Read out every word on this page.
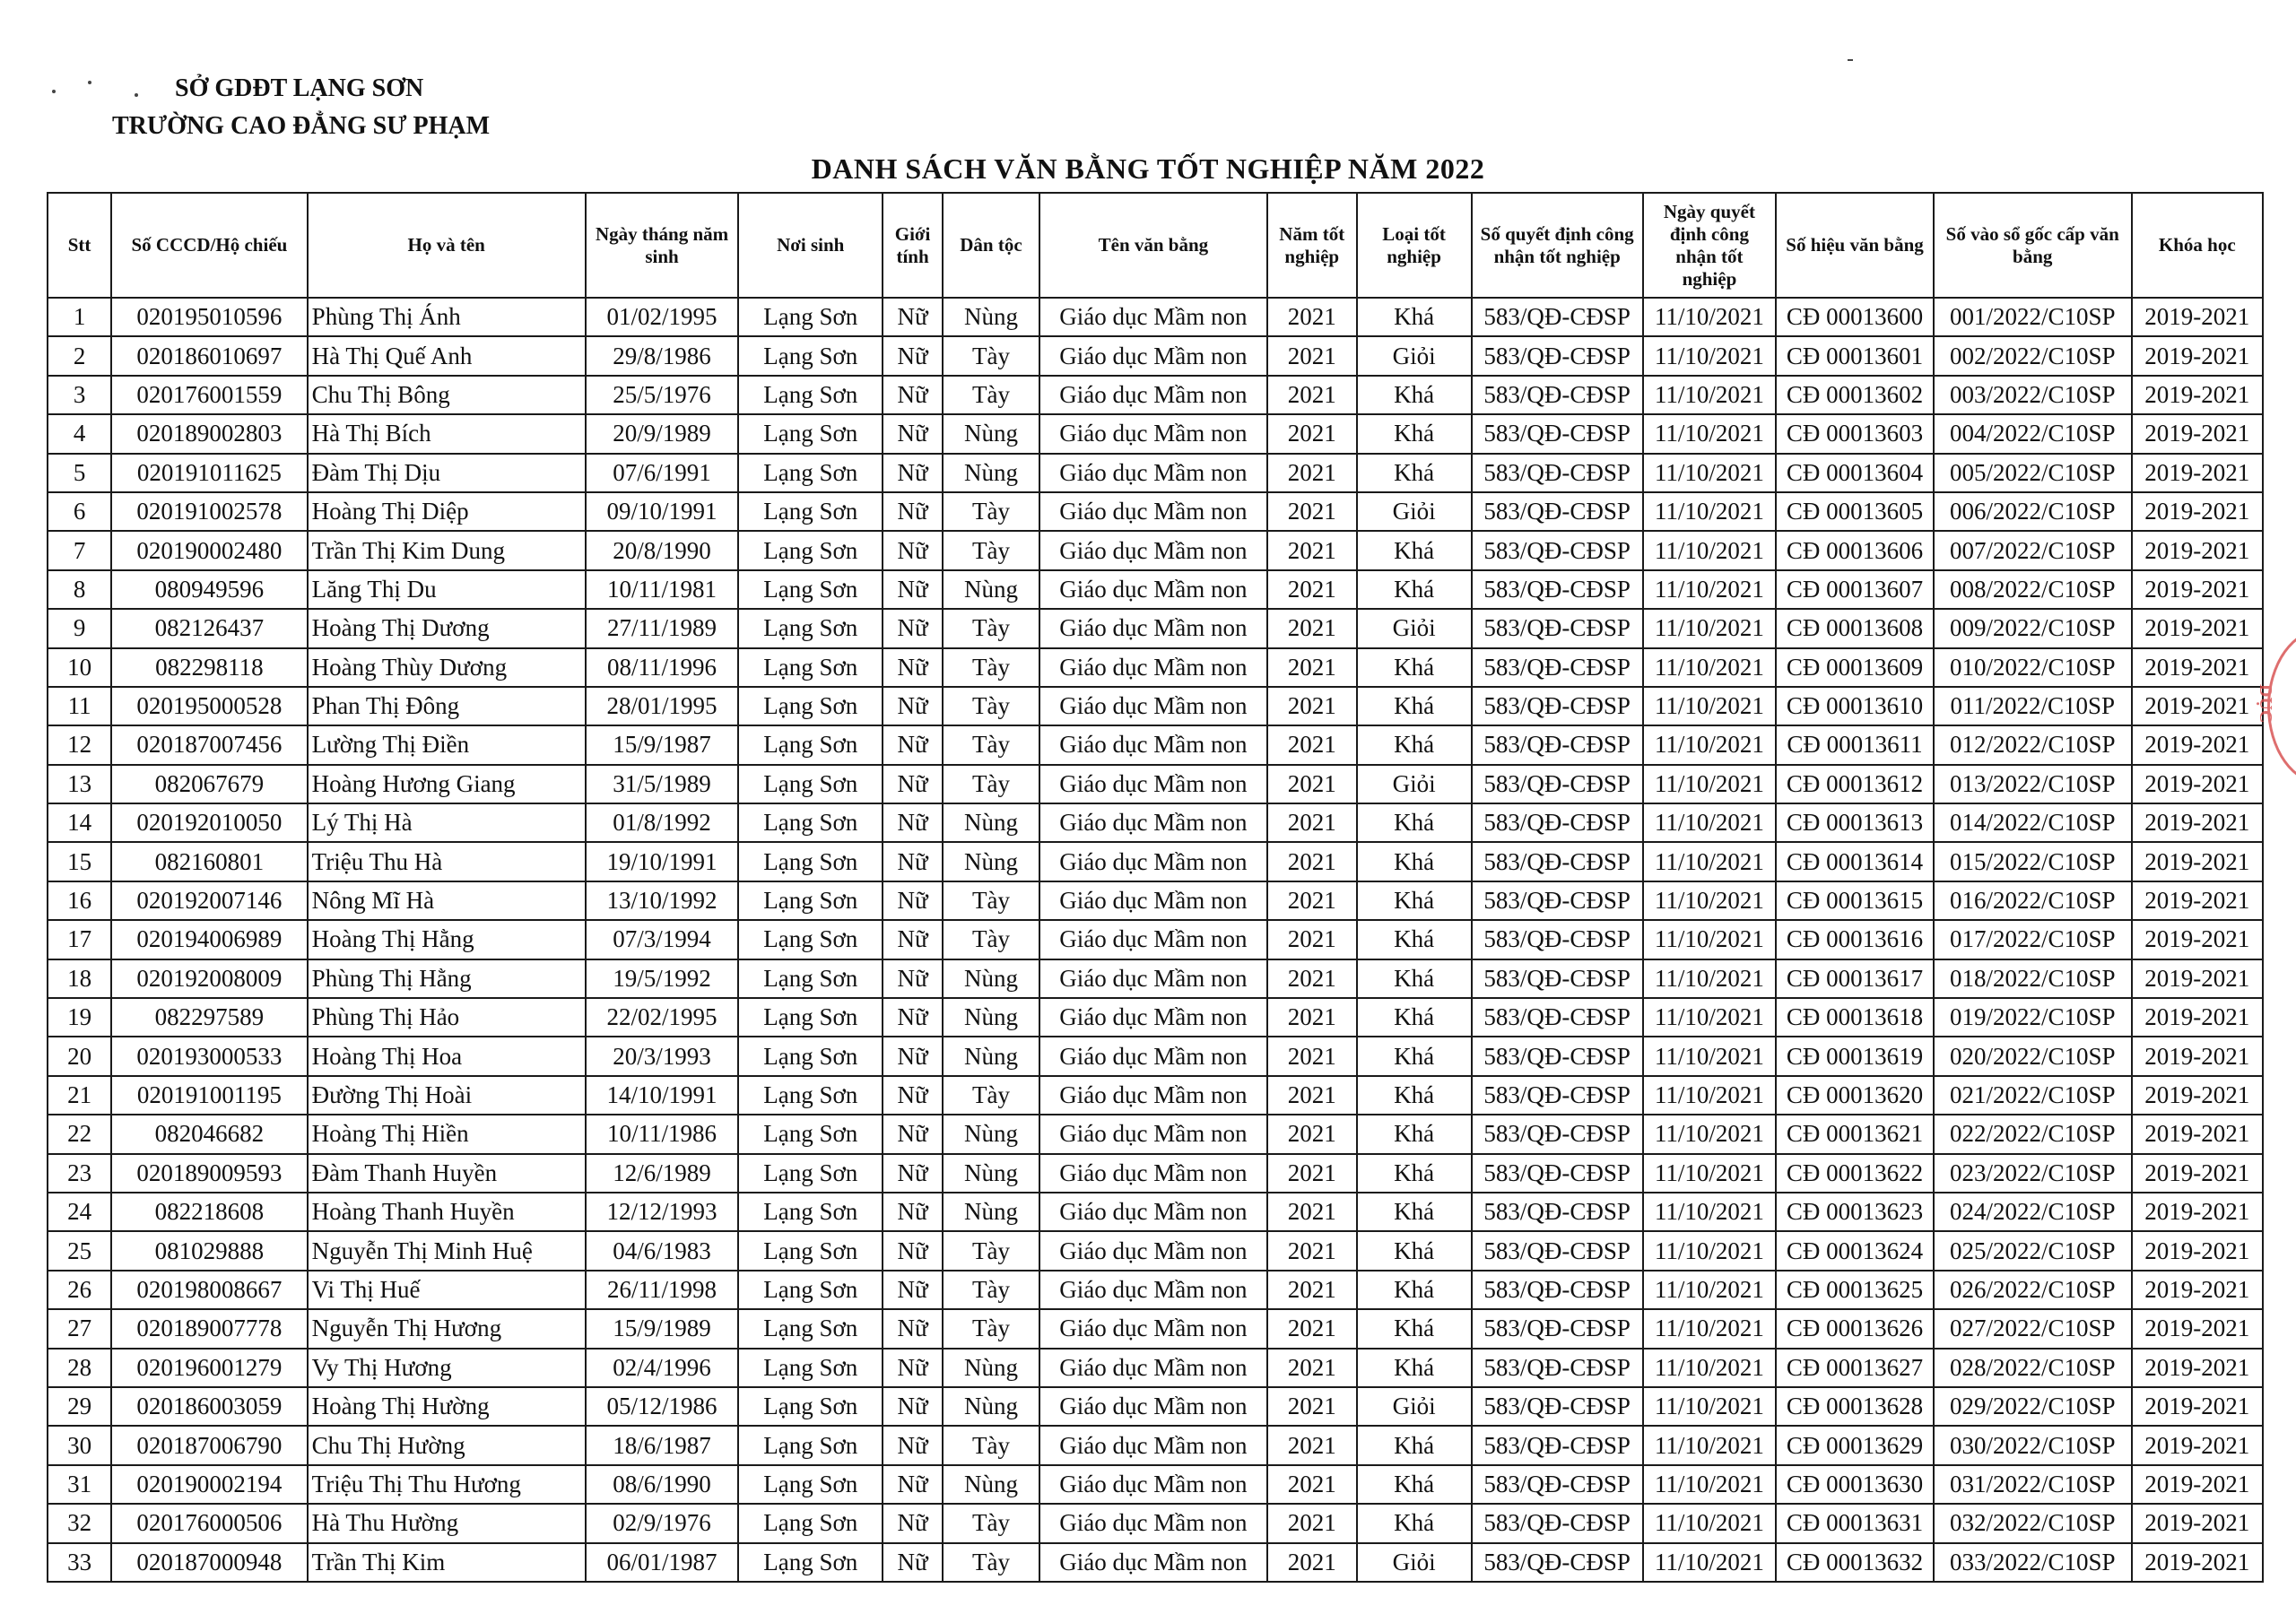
SỞ GDĐT LẠNG SƠN
TRƯỜNG CAO ĐẲNG SƯ PHẠM
DANH SÁCH VĂN BẰNG TỐT NGHIỆP NĂM 2022
Stt	Số CCCD/Hộ chiếu	Họ và tên	Ngày tháng năm sinh	Nơi sinh	Giới tính	Dân tộc	Tên văn bằng	Năm tốt nghiệp	Loại tốt nghiệp	Số quyết định công nhận tốt nghiệp	Ngày quyết định công nhận tốt nghiệp	Số hiệu văn bằng	Số vào sổ gốc cấp văn bằng	Khóa học
1	020195010596	Phùng Thị Ánh	01/02/1995	Lạng Sơn	Nữ	Nùng	Giáo dục Mầm non	2021	Khá	583/QĐ-CĐSP	11/10/2021	CĐ 00013600	001/2022/C10SP	2019-2021
2	020186010697	Hà Thị Quế Anh	29/8/1986	Lạng Sơn	Nữ	Tày	Giáo dục Mầm non	2021	Giỏi	583/QĐ-CĐSP	11/10/2021	CĐ 00013601	002/2022/C10SP	2019-2021
3	020176001559	Chu Thị Bông	25/5/1976	Lạng Sơn	Nữ	Tày	Giáo dục Mầm non	2021	Khá	583/QĐ-CĐSP	11/10/2021	CĐ 00013602	003/2022/C10SP	2019-2021
4	020189002803	Hà Thị Bích	20/9/1989	Lạng Sơn	Nữ	Nùng	Giáo dục Mầm non	2021	Khá	583/QĐ-CĐSP	11/10/2021	CĐ 00013603	004/2022/C10SP	2019-2021
5	020191011625	Đàm Thị Dịu	07/6/1991	Lạng Sơn	Nữ	Nùng	Giáo dục Mầm non	2021	Khá	583/QĐ-CĐSP	11/10/2021	CĐ 00013604	005/2022/C10SP	2019-2021
6	020191002578	Hoàng Thị Diệp	09/10/1991	Lạng Sơn	Nữ	Tày	Giáo dục Mầm non	2021	Giỏi	583/QĐ-CĐSP	11/10/2021	CĐ 00013605	006/2022/C10SP	2019-2021
7	020190002480	Trần Thị Kim Dung	20/8/1990	Lạng Sơn	Nữ	Tày	Giáo dục Mầm non	2021	Khá	583/QĐ-CĐSP	11/10/2021	CĐ 00013606	007/2022/C10SP	2019-2021
8	080949596	Lăng Thị Du	10/11/1981	Lạng Sơn	Nữ	Nùng	Giáo dục Mầm non	2021	Khá	583/QĐ-CĐSP	11/10/2021	CĐ 00013607	008/2022/C10SP	2019-2021
9	082126437	Hoàng Thị Dương	27/11/1989	Lạng Sơn	Nữ	Tày	Giáo dục Mầm non	2021	Giỏi	583/QĐ-CĐSP	11/10/2021	CĐ 00013608	009/2022/C10SP	2019-2021
10	082298118	Hoàng Thùy Dương	08/11/1996	Lạng Sơn	Nữ	Tày	Giáo dục Mầm non	2021	Khá	583/QĐ-CĐSP	11/10/2021	CĐ 00013609	010/2022/C10SP	2019-2021
11	020195000528	Phan Thị Đông	28/01/1995	Lạng Sơn	Nữ	Tày	Giáo dục Mầm non	2021	Khá	583/QĐ-CĐSP	11/10/2021	CĐ 00013610	011/2022/C10SP	2019-2021
12	020187007456	Lường Thị Điền	15/9/1987	Lạng Sơn	Nữ	Tày	Giáo dục Mầm non	2021	Khá	583/QĐ-CĐSP	11/10/2021	CĐ 00013611	012/2022/C10SP	2019-2021
13	082067679	Hoàng Hương Giang	31/5/1989	Lạng Sơn	Nữ	Tày	Giáo dục Mầm non	2021	Giỏi	583/QĐ-CĐSP	11/10/2021	CĐ 00013612	013/2022/C10SP	2019-2021
14	020192010050	Lý Thị Hà	01/8/1992	Lạng Sơn	Nữ	Nùng	Giáo dục Mầm non	2021	Khá	583/QĐ-CĐSP	11/10/2021	CĐ 00013613	014/2022/C10SP	2019-2021
15	082160801	Triệu Thu Hà	19/10/1991	Lạng Sơn	Nữ	Nùng	Giáo dục Mầm non	2021	Khá	583/QĐ-CĐSP	11/10/2021	CĐ 00013614	015/2022/C10SP	2019-2021
16	020192007146	Nông Mĩ Hà	13/10/1992	Lạng Sơn	Nữ	Tày	Giáo dục Mầm non	2021	Khá	583/QĐ-CĐSP	11/10/2021	CĐ 00013615	016/2022/C10SP	2019-2021
17	020194006989	Hoàng Thị Hằng	07/3/1994	Lạng Sơn	Nữ	Tày	Giáo dục Mầm non	2021	Khá	583/QĐ-CĐSP	11/10/2021	CĐ 00013616	017/2022/C10SP	2019-2021
18	020192008009	Phùng Thị Hằng	19/5/1992	Lạng Sơn	Nữ	Nùng	Giáo dục Mầm non	2021	Khá	583/QĐ-CĐSP	11/10/2021	CĐ 00013617	018/2022/C10SP	2019-2021
19	082297589	Phùng Thị Hảo	22/02/1995	Lạng Sơn	Nữ	Nùng	Giáo dục Mầm non	2021	Khá	583/QĐ-CĐSP	11/10/2021	CĐ 00013618	019/2022/C10SP	2019-2021
20	020193000533	Hoàng Thị Hoa	20/3/1993	Lạng Sơn	Nữ	Nùng	Giáo dục Mầm non	2021	Khá	583/QĐ-CĐSP	11/10/2021	CĐ 00013619	020/2022/C10SP	2019-2021
21	020191001195	Đường Thị Hoài	14/10/1991	Lạng Sơn	Nữ	Tày	Giáo dục Mầm non	2021	Khá	583/QĐ-CĐSP	11/10/2021	CĐ 00013620	021/2022/C10SP	2019-2021
22	082046682	Hoàng Thị Hiền	10/11/1986	Lạng Sơn	Nữ	Nùng	Giáo dục Mầm non	2021	Khá	583/QĐ-CĐSP	11/10/2021	CĐ 00013621	022/2022/C10SP	2019-2021
23	020189009593	Đàm Thanh Huyền	12/6/1989	Lạng Sơn	Nữ	Nùng	Giáo dục Mầm non	2021	Khá	583/QĐ-CĐSP	11/10/2021	CĐ 00013622	023/2022/C10SP	2019-2021
24	082218608	Hoàng Thanh Huyền	12/12/1993	Lạng Sơn	Nữ	Nùng	Giáo dục Mầm non	2021	Khá	583/QĐ-CĐSP	11/10/2021	CĐ 00013623	024/2022/C10SP	2019-2021
25	081029888	Nguyễn Thị Minh Huệ	04/6/1983	Lạng Sơn	Nữ	Tày	Giáo dục Mầm non	2021	Khá	583/QĐ-CĐSP	11/10/2021	CĐ 00013624	025/2022/C10SP	2019-2021
26	020198008667	Vi Thị Huế	26/11/1998	Lạng Sơn	Nữ	Tày	Giáo dục Mầm non	2021	Khá	583/QĐ-CĐSP	11/10/2021	CĐ 00013625	026/2022/C10SP	2019-2021
27	020189007778	Nguyễn Thị Hương	15/9/1989	Lạng Sơn	Nữ	Tày	Giáo dục Mầm non	2021	Khá	583/QĐ-CĐSP	11/10/2021	CĐ 00013626	027/2022/C10SP	2019-2021
28	020196001279	Vy Thị Hương	02/4/1996	Lạng Sơn	Nữ	Nùng	Giáo dục Mầm non	2021	Khá	583/QĐ-CĐSP	11/10/2021	CĐ 00013627	028/2022/C10SP	2019-2021
29	020186003059	Hoàng Thị Hường	05/12/1986	Lạng Sơn	Nữ	Nùng	Giáo dục Mầm non	2021	Giỏi	583/QĐ-CĐSP	11/10/2021	CĐ 00013628	029/2022/C10SP	2019-2021
30	020187006790	Chu Thị Hường	18/6/1987	Lạng Sơn	Nữ	Tày	Giáo dục Mầm non	2021	Khá	583/QĐ-CĐSP	11/10/2021	CĐ 00013629	030/2022/C10SP	2019-2021
31	020190002194	Triệu Thị Thu Hương	08/6/1990	Lạng Sơn	Nữ	Nùng	Giáo dục Mầm non	2021	Khá	583/QĐ-CĐSP	11/10/2021	CĐ 00013630	031/2022/C10SP	2019-2021
32	020176000506	Hà Thu Hường	02/9/1976	Lạng Sơn	Nữ	Tày	Giáo dục Mầm non	2021	Khá	583/QĐ-CĐSP	11/10/2021	CĐ 00013631	032/2022/C10SP	2019-2021
33	020187000948	Trần Thị Kim	06/01/1987	Lạng Sơn	Nữ	Tày	Giáo dục Mầm non	2021	Giỏi	583/QĐ-CĐSP	11/10/2021	CĐ 00013632	033/2022/C10SP	2019-2021
DỤC
